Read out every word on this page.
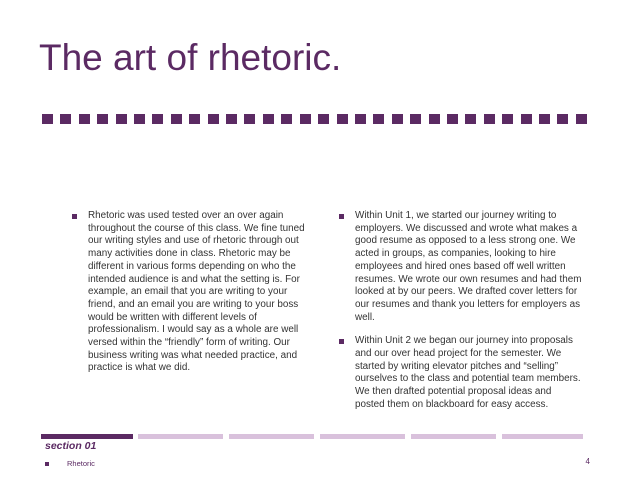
The art of rhetoric.
Rhetoric was used tested over an over again throughout the course of this class. We fine tuned our writing styles and use of rhetoric through out many activities done in class. Rhetoric may be different in various forms depending on who the intended audience is and what the setting is. For example, an email that you are writing to your friend, and an email you are writing to your boss would be written with different levels of professionalism. I would say as a whole are well versed within the “friendly” form of writing. Our business writing was what needed practice, and practice is what we did.
Within Unit 1, we started our journey writing to employers. We discussed and wrote what makes a good resume as opposed to a less strong one. We acted in groups, as companies, looking to hire employees and hired ones based off well written resumes. We wrote our own resumes and had them looked at by our peers. We drafted cover letters for our resumes and thank you letters for employers as well.
Within Unit 2 we began our journey into proposals and our over head project for the semester. We started by writing elevator pitches and “selling” ourselves to the class and potential team members. We then drafted potential proposal ideas and posted them on blackboard for easy access.
section 01
Rhetoric	4
